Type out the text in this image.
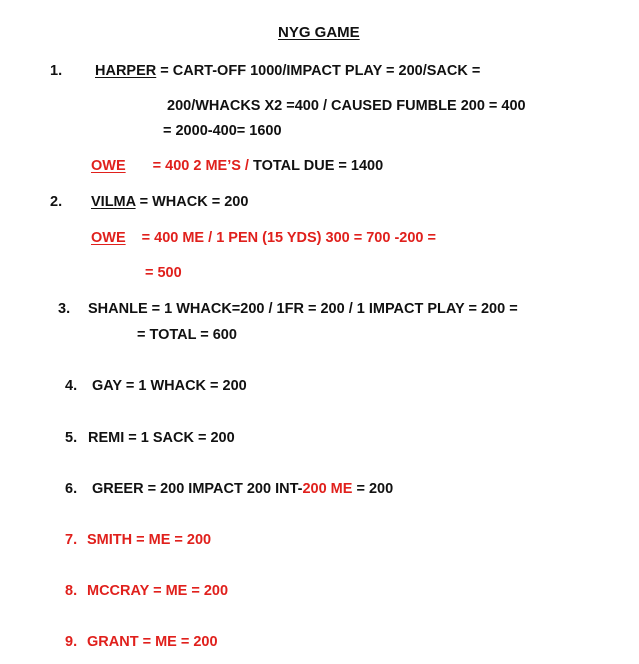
NYG GAME
1. HARPER = CART-OFF 1000/IMPACT PLAY = 200/SACK =
200/WHACKS X2 =400 / CAUSED FUMBLE 200 = 400
= 2000-400= 1600
OWE = 400 2 ME’S / TOTAL DUE = 1400
2. VILMA = WHACK = 200
OWE = 400 ME / 1 PEN (15 YDS) 300 = 700 -200 =
= 500
3. SHANLE = 1 WHACK=200 / 1FR = 200 / 1 IMPACT PLAY = 200 =
= TOTAL = 600
4. GAY = 1 WHACK = 200
5. REMI = 1 SACK = 200
6. GREER = 200 IMPACT 200 INT-200 ME = 200
7. SMITH = ME = 200
8. MCCRAY = ME = 200
9. GRANT = ME = 200
